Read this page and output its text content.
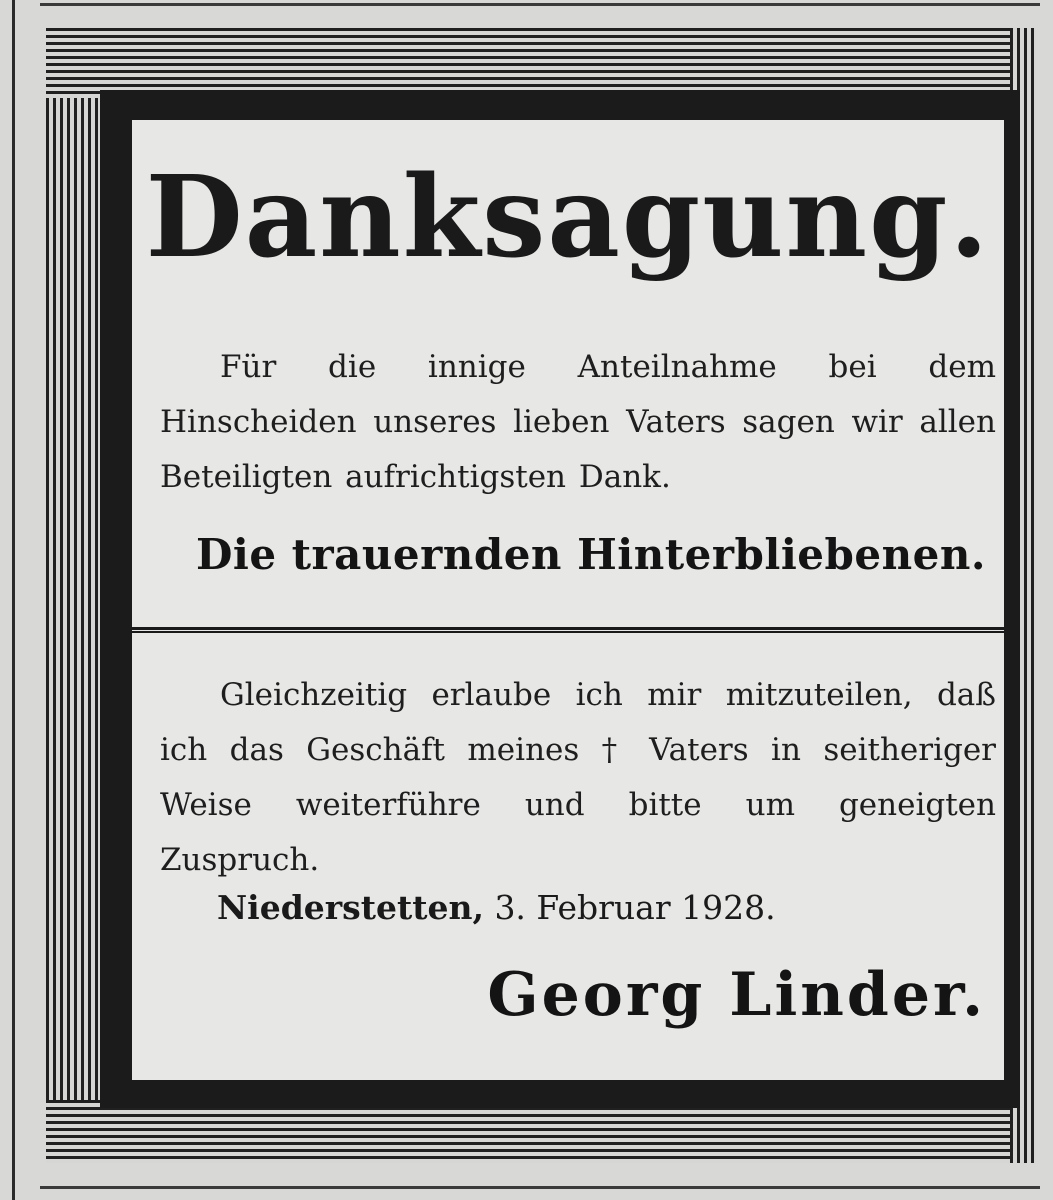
Danksagung.
Für die innige Anteilnahme bei dem Hinscheiden unseres lieben Vaters sagen wir allen Beteiligten aufrichtigsten Dank.
Die trauernden Hinterbliebenen.
Gleichzeitig erlaube ich mir mitzuteilen, daß ich das Geschäft meines † Vaters in seitheriger Weise weiterführe und bitte um geneigten Zuspruch.
Niederstetten, 3. Februar 1928.
Georg Linder.
